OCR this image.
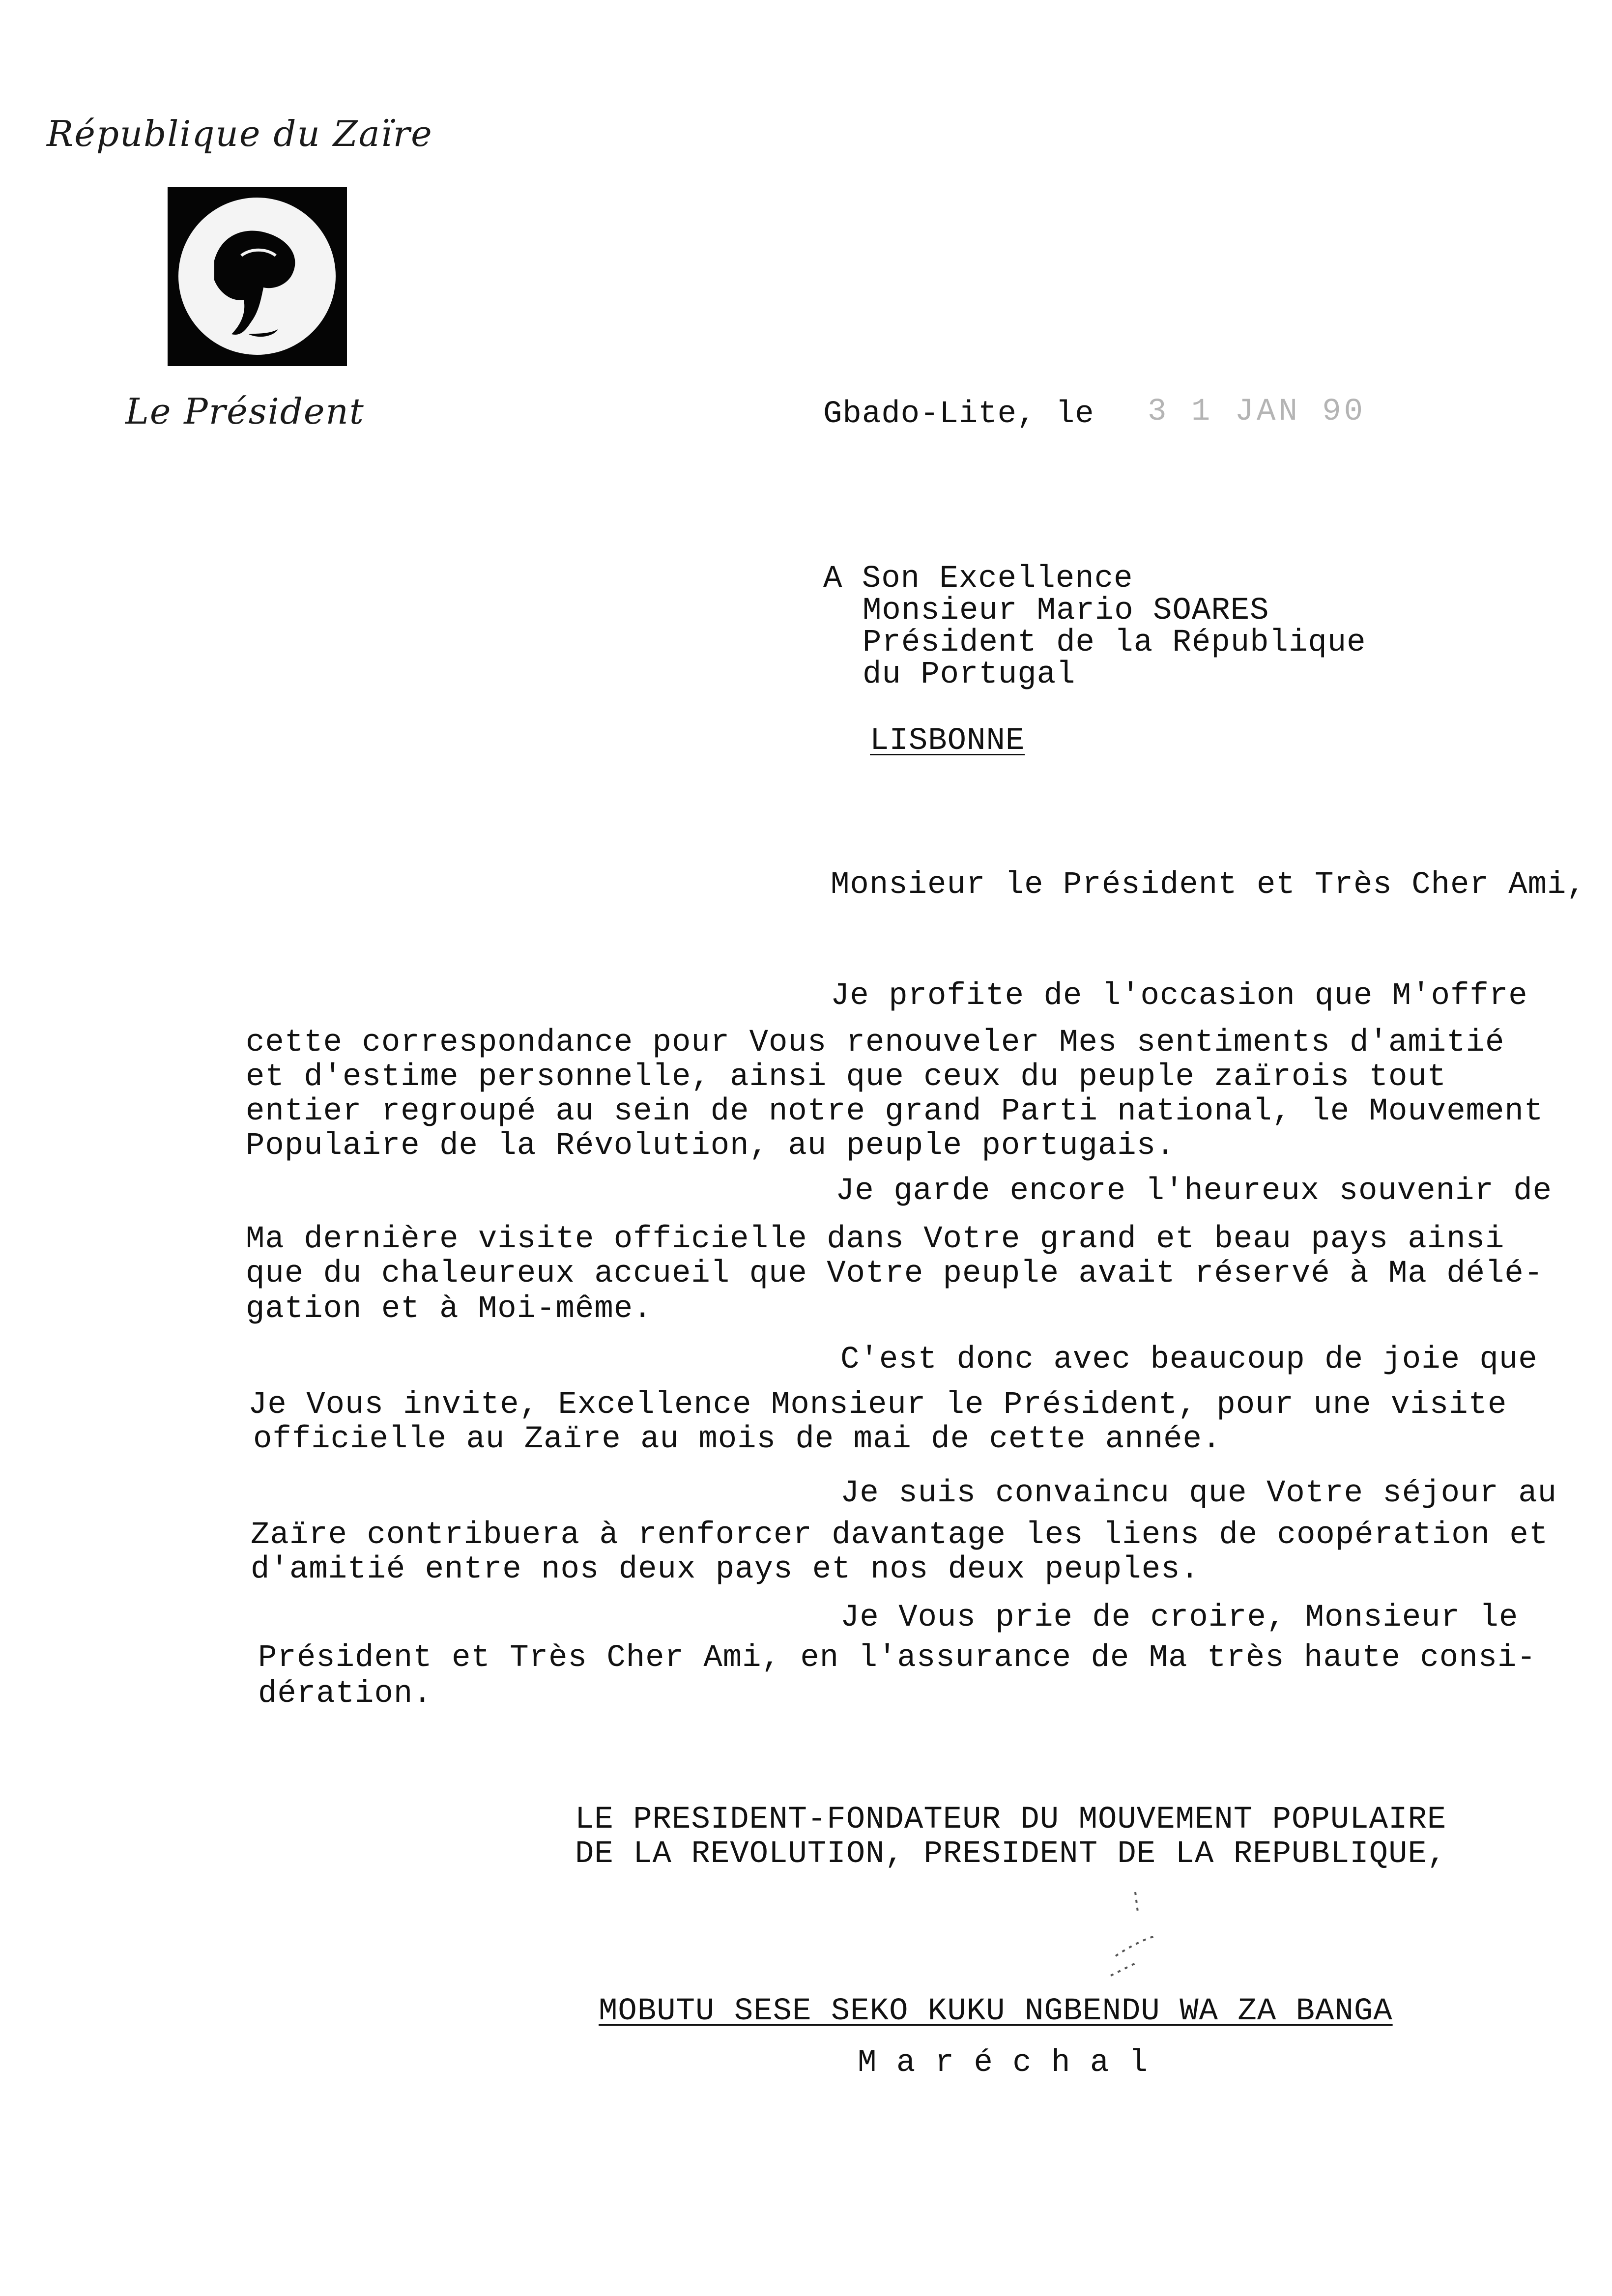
République du Zaïre
Le Président	Gbado-Lite, le 3 1 JAN 90
A Son Excellence
Monsieur Mario SOARES
Président de la République
du Portugal
LISBONNE
Monsieur le Président et Très Cher Ami,
Je profite de l'occasion que M'offre
cette correspondance pour Vous renouveler Mes sentiments d'amitié
et d'estime personnelle, ainsi que ceux du peuple zaïrois tout
entier regroupé au sein de notre grand Parti national, le Mouvement
Populaire de la Révolution, au peuple portugais.
Je garde encore l'heureux souvenir de
Ma dernière visite officielle dans Votre grand et beau pays ainsi
que du chaleureux accueil que Votre peuple avait réservé à Ma délé-
gation et à Moi-même.
C'est donc avec beaucoup de joie que
Je Vous invite, Excellence Monsieur le Président, pour une visite
officielle au Zaïre au mois de mai de cette année.
Je suis convaincu que Votre séjour au
Zaïre contribuera à renforcer davantage les liens de coopération et
d'amitié entre nos deux pays et nos deux peuples.
Je Vous prie de croire, Monsieur le
Président et Très Cher Ami, en l'assurance de Ma très haute consi-
dération.
LE PRESIDENT-FONDATEUR DU MOUVEMENT POPULAIRE
DE LA REVOLUTION, PRESIDENT DE LA REPUBLIQUE,
MOBUTU SESE SEKO KUKU NGBENDU WA ZA BANGA
M a r é c h a l
